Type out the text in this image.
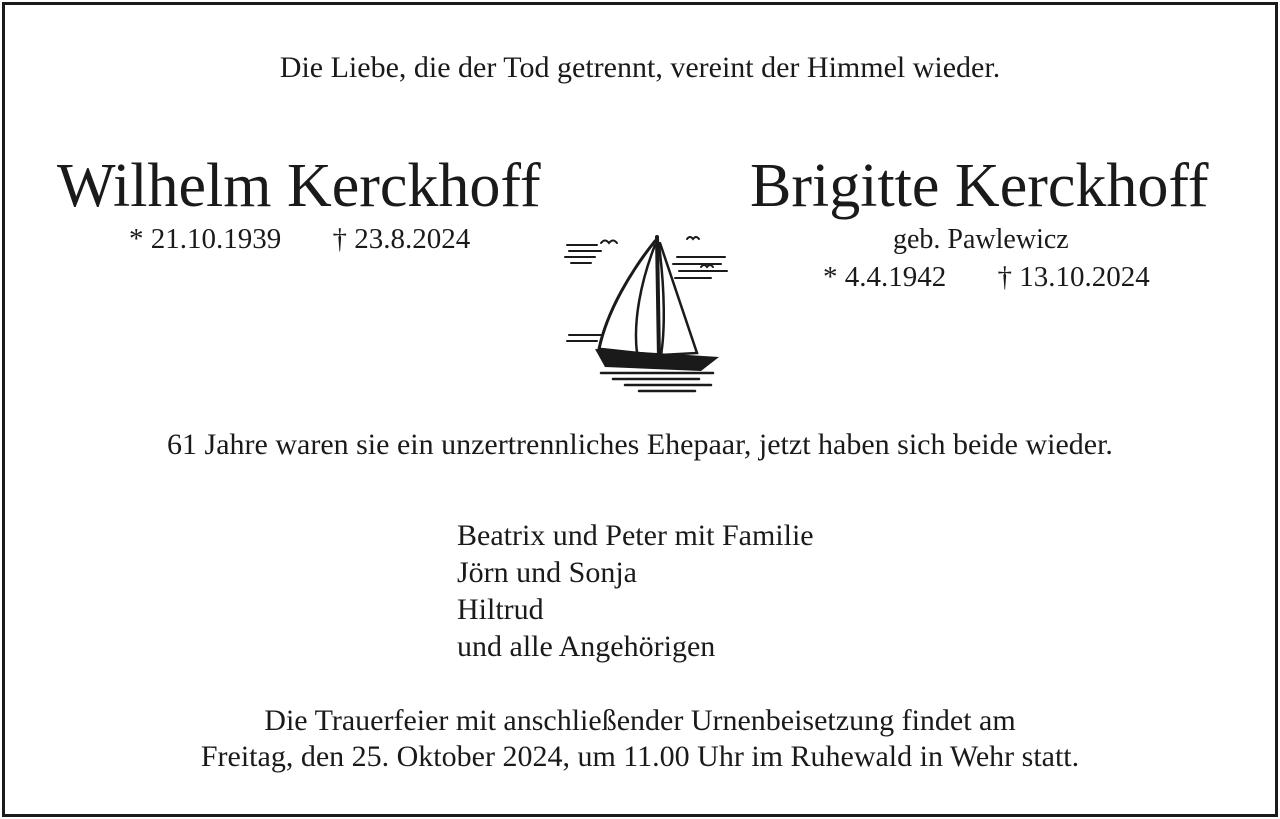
Die Liebe, die der Tod getrennt, vereint der Himmel wieder.
Wilhelm Kerckhoff	Brigitte Kerckhoff
* 21.10.1939 † 23.8.2024	geb. Pawlewicz
* 4.4.1942 † 13.10.2024
61 Jahre waren sie ein unzertrennliches Ehepaar, jetzt haben sich beide wieder.
Beatrix und Peter mit Familie
Jörn und Sonja
Hiltrud
und alle Angehörigen
Die Trauerfeier mit anschließender Urnenbeisetzung findet am
Freitag, den 25. Oktober 2024, um 11.00 Uhr im Ruhewald in Wehr statt.
